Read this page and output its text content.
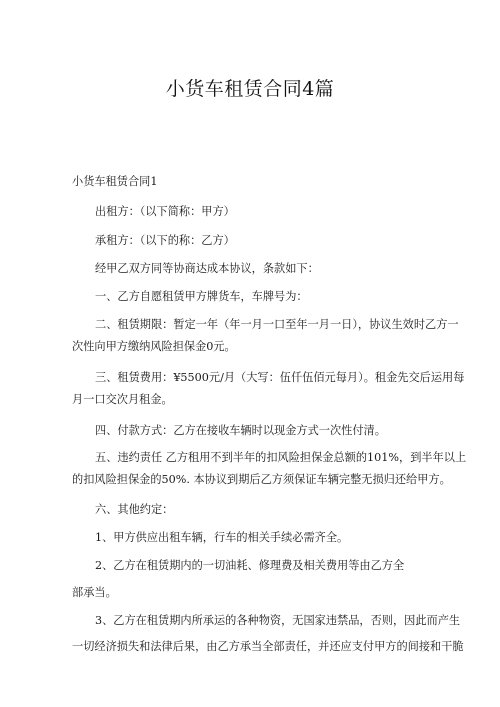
小货车租赁合同4篇
小货车租赁合同1
出租方：（以下简称：甲方）
承租方：（以下的称：乙方）
经甲乙双方同等协商达成本协议，条款如下：
一、乙方自愿租赁甲方牌货车，车牌号为：
二、租赁期限：暂定一年（年一月一口至年一月一日），协议生效时乙方一
次性向甲方缴纳风险担保金0元。
三、租赁费用：¥5500元/月（大写：伍仟伍佰元每月）。租金先交后运用每
月一口交次月租金。
四、付款方式：乙方在接收车辆时以现金方式一次性付清。
五、违约责任 乙方租用不到半年的扣风险担保金总额的101%，到半年以上
的扣风险担保金的50%. 本协议到期后乙方须保证车辆完整无损归还给甲方。
六、其他约定：
1、甲方供应出租车辆，行车的相关手续必需齐全。
2、乙方在租赁期内的一切油耗、修理费及相关费用等由乙方全
部承当。
3、乙方在租赁期内所承运的各种物资，无国家违禁品，否则，因此而产生
一切经济损失和法律后果，由乙方承当全部责任，并还应支付甲方的间接和干脆
